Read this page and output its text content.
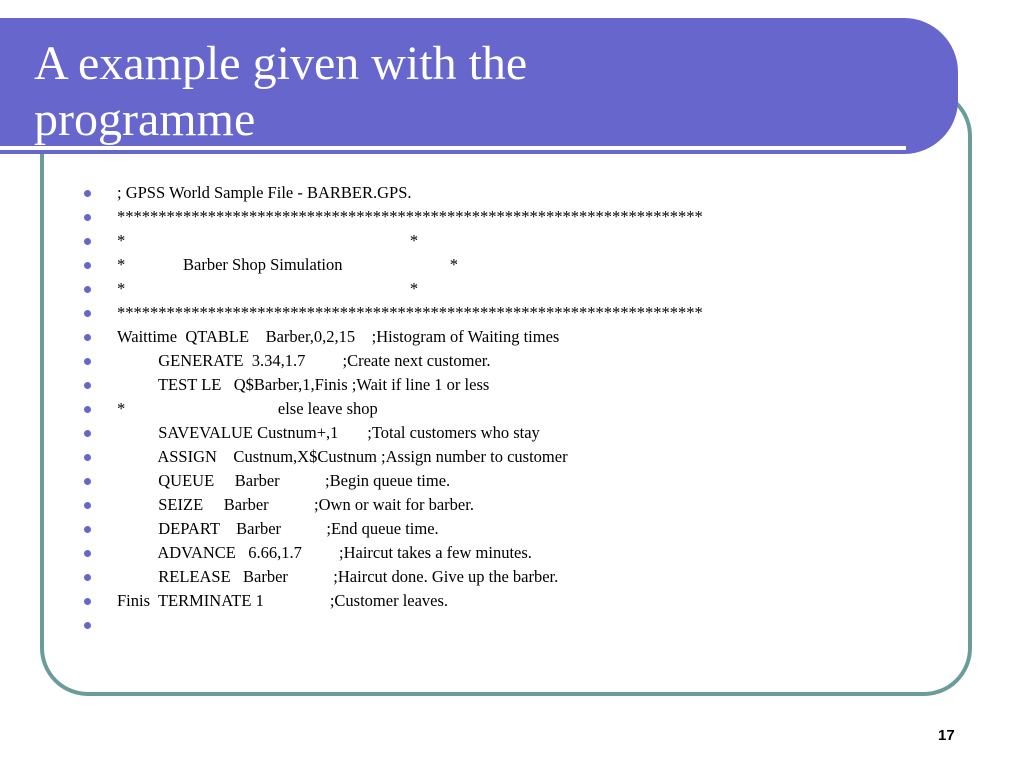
A example given with the
programme
; GPSS World Sample File - BARBER.GPS.
***********************************************************************
*                                                                     *
*              Barber Shop Simulation                          *
*                                                                     *
***********************************************************************
Waittime  QTABLE    Barber,0,2,15    ;Histogram of Waiting times
GENERATE  3.34,1.7         ;Create next customer.
TEST LE   Q$Barber,1,Finis ;Wait if line 1 or less
*                                     else leave shop
SAVEVALUE Custnum+,1       ;Total customers who stay
ASSIGN    Custnum,X$Custnum ;Assign number to customer
QUEUE     Barber           ;Begin queue time.
SEIZE     Barber           ;Own or wait for barber.
DEPART    Barber           ;End queue time.
ADVANCE   6.66,1.7         ;Haircut takes a few minutes.
RELEASE   Barber           ;Haircut done. Give up the barber.
Finis  TERMINATE 1                ;Customer leaves.
17
